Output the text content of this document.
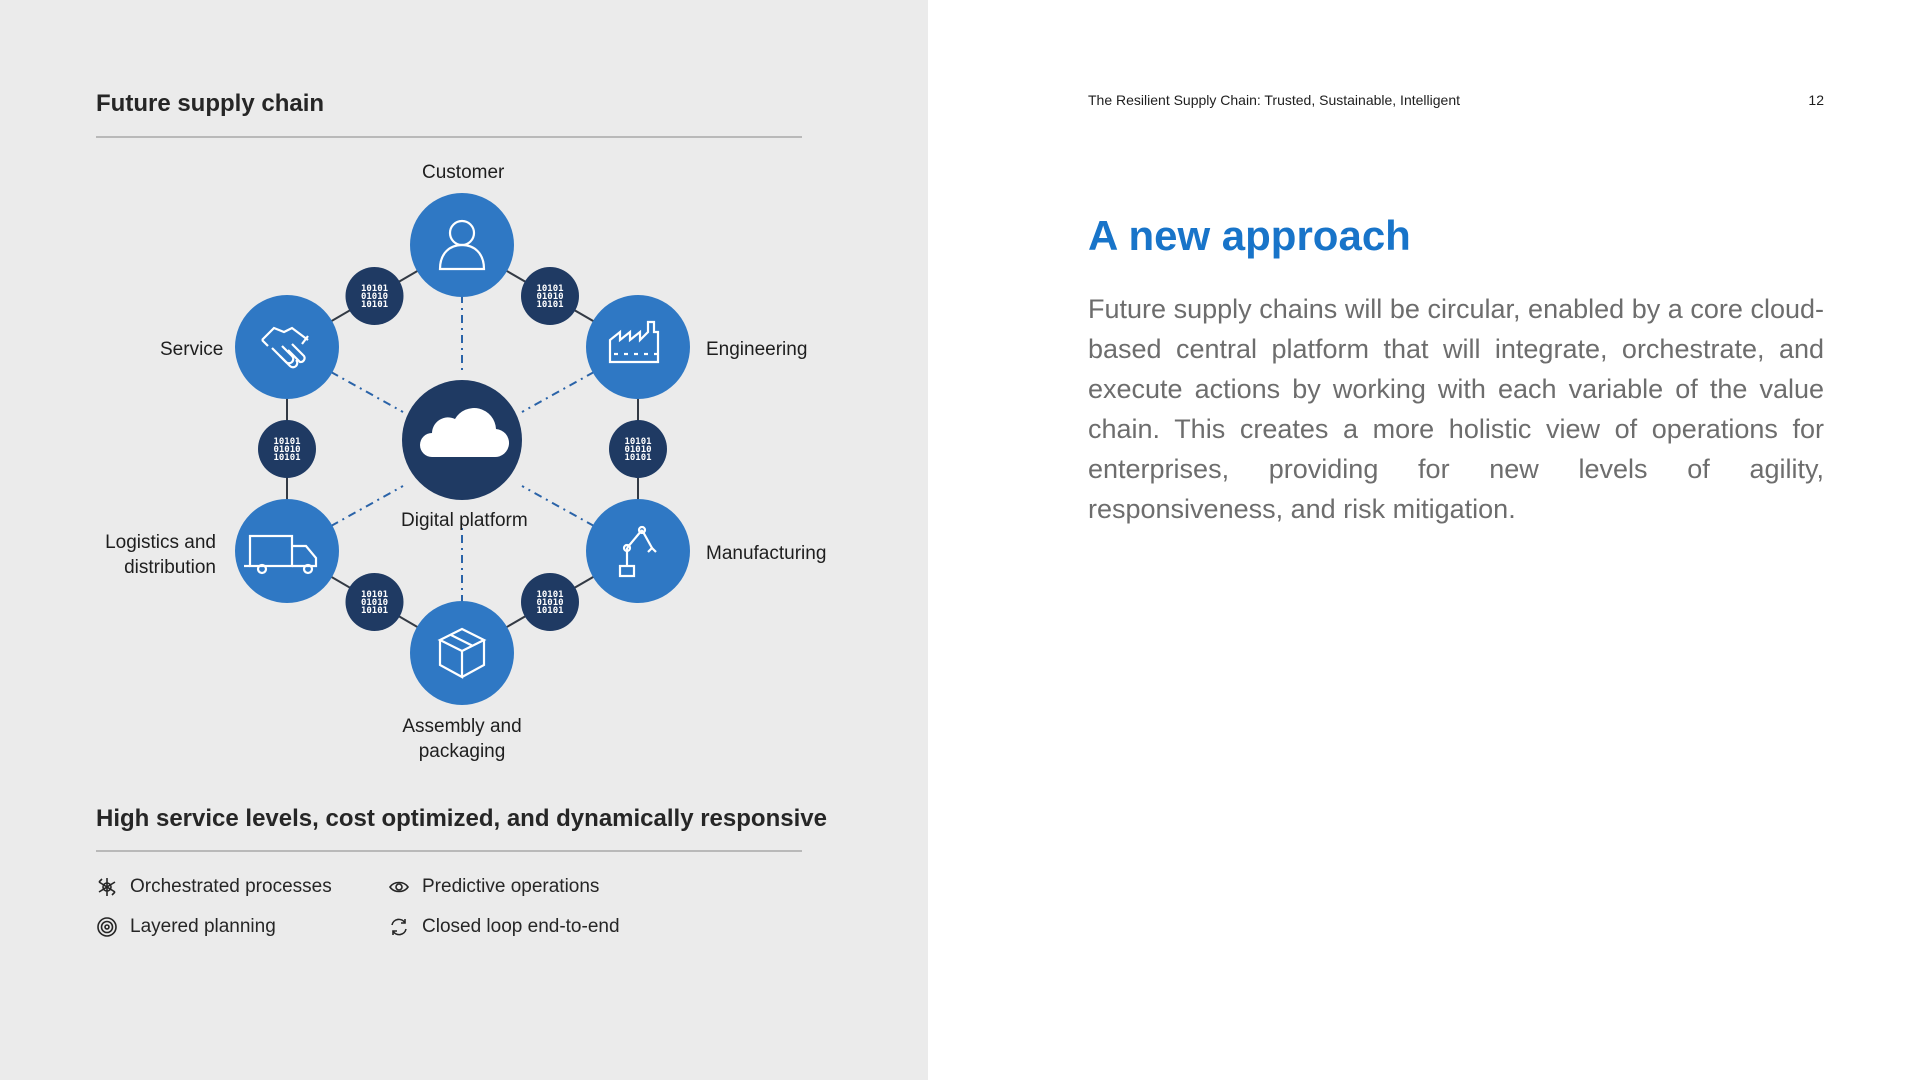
Future supply chain
10101
01010
10101
10101
01010
10101
10101
01010
10101
10101
01010
10101
10101
01010
10101
10101
01010
10101
Customer
Engineering
Manufacturing
Assembly and packaging
Logistics and distribution
Service
Digital platform
High service levels, cost optimized, and dynamically responsive
Orchestrated processes	Predictive operations
Layered planning	Closed loop end-to-end
The Resilient Supply Chain: Trusted, Sustainable, Intelligent	12
A new approach

Future supply chains will be circular, enabled by a core cloud-based central platform that will integrate, orchestrate, and execute actions by working with each variable of the value chain. This creates a more holistic view of operations for enterprises, providing for new levels of agility, responsiveness, and risk mitigation.
